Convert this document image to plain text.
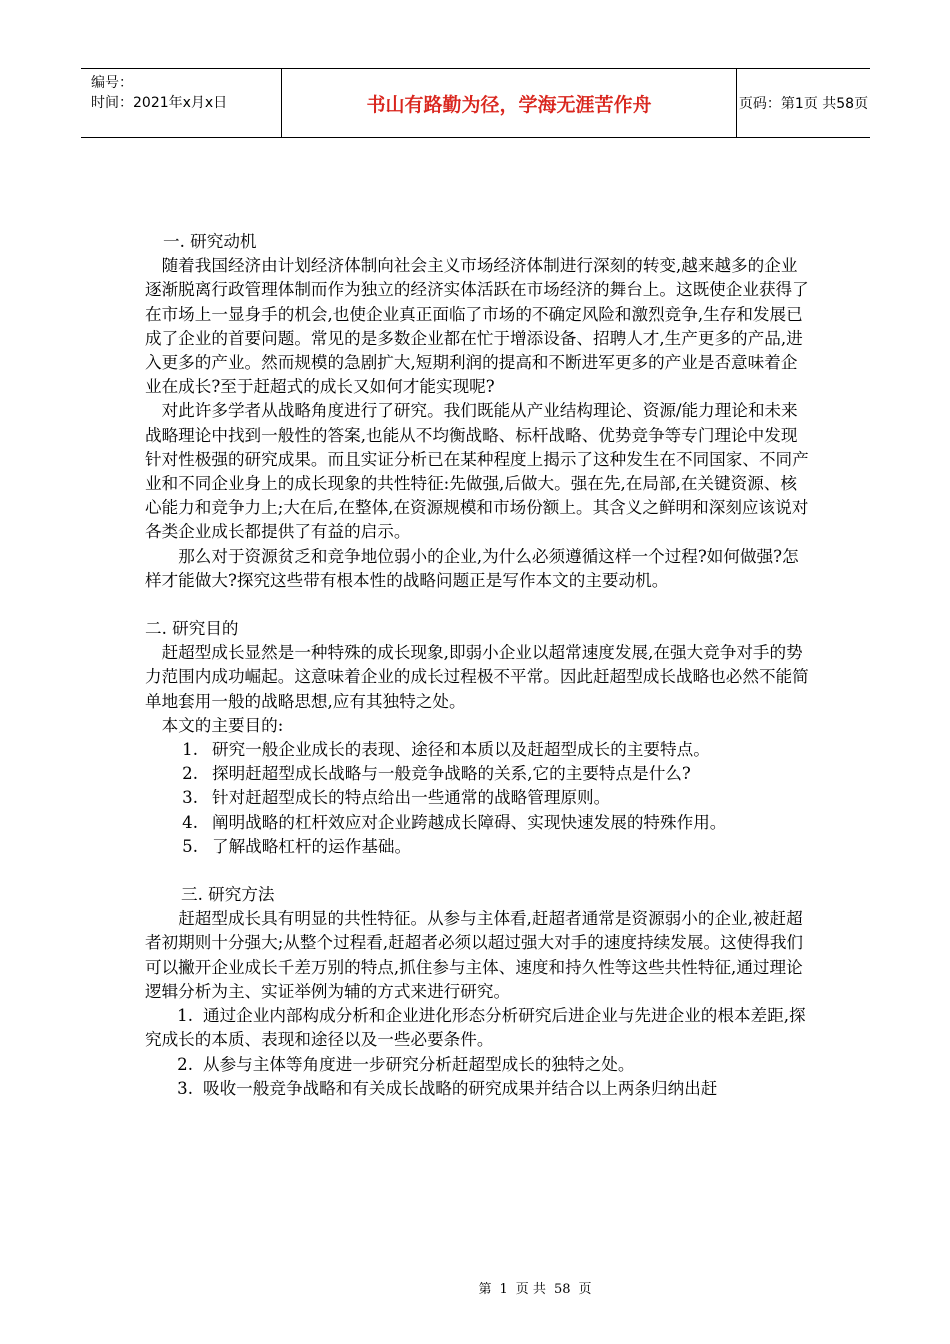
编号：
时间：2021年x月x日	书山有路勤为径，学海无涯苦作舟	页码：第1页 共58页

一. 研究动机

随着我国经济由计划经济体制向社会主义市场经济体制进行深刻的转变,越来越多的企业逐渐脱离行政管理体制而作为独立的经济实体活跃在市场经济的舞台上。这既使企业获得了在市场上一显身手的机会,也使企业真正面临了市场的不确定风险和激烈竞争,生存和发展已成了企业的首要问题。常见的是多数企业都在忙于增添设备、招聘人才,生产更多的产品,进入更多的产业。然而规模的急剧扩大,短期利润的提高和不断进军更多的产业是否意味着企业在成长?至于赶超式的成长又如何才能实现呢?

对此许多学者从战略角度进行了研究。我们既能从产业结构理论、资源/能力理论和未来战略理论中找到一般性的答案,也能从不均衡战略、标杆战略、优势竞争等专门理论中发现针对性极强的研究成果。而且实证分析已在某种程度上揭示了这种发生在不同国家、不同产业和不同企业身上的成长现象的共性特征:先做强,后做大。强在先,在局部,在关键资源、核心能力和竞争力上;大在后,在整体,在资源规模和市场份额上。其含义之鲜明和深刻应该说对各类企业成长都提供了有益的启示。

那么对于资源贫乏和竞争地位弱小的企业,为什么必须遵循这样一个过程?如何做强?怎样才能做大?探究这些带有根本性的战略问题正是写作本文的主要动机。

二. 研究目的

赶超型成长显然是一种特殊的成长现象,即弱小企业以超常速度发展,在强大竞争对手的势力范围内成功崛起。这意味着企业的成长过程极不平常。因此赶超型成长战略也必然不能简单地套用一般的战略思想,应有其独特之处。

本文的主要目的:

1. 研究一般企业成长的表现、途径和本质以及赶超型成长的主要特点。
2. 探明赶超型成长战略与一般竞争战略的关系,它的主要特点是什么?
3. 针对赶超型成长的特点给出一些通常的战略管理原则。
4. 阐明战略的杠杆效应对企业跨越成长障碍、实现快速发展的特殊作用。
5. 了解战略杠杆的运作基础。

三. 研究方法

赶超型成长具有明显的共性特征。从参与主体看,赶超者通常是资源弱小的企业,被赶超者初期则十分强大;从整个过程看,赶超者必须以超过强大对手的速度持续发展。这使得我们可以撇开企业成长千差万别的特点,抓住参与主体、速度和持久性等这些共性特征,通过理论逻辑分析为主、实证举例为辅的方式来进行研究。

1. 通过企业内部构成分析和企业进化形态分析研究后进企业与先进企业的根本差距,探究成长的本质、表现和途径以及一些必要条件。

2. 从参与主体等角度进一步研究分析赶超型成长的独特之处。

3. 吸收一般竞争战略和有关成长战略的研究成果并结合以上两条归纳出赶

第 1 页 共 58 页
